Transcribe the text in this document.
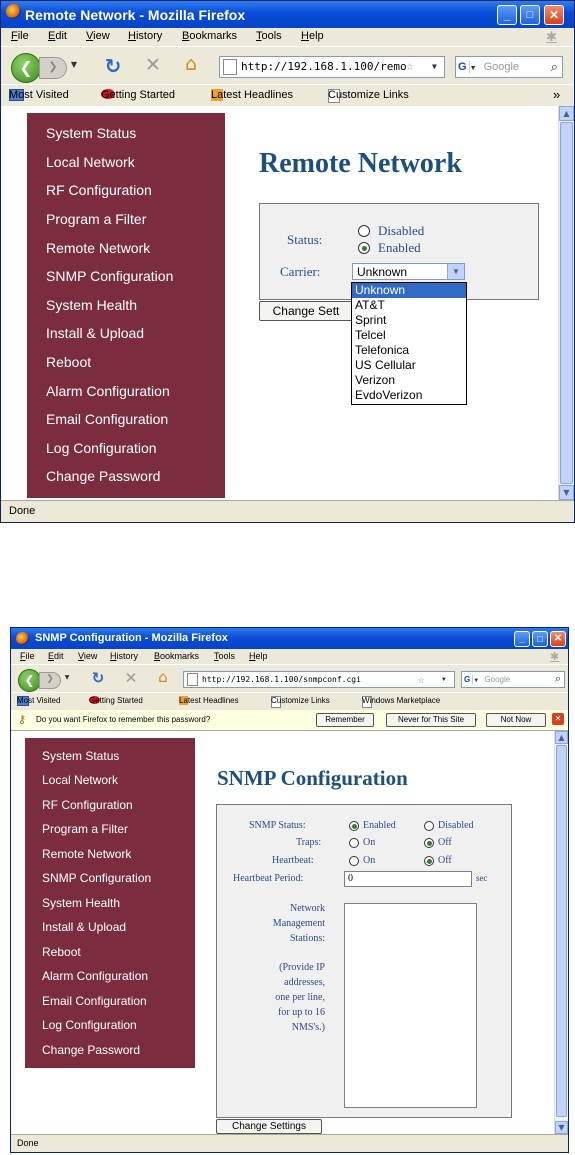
Remote Network - Mozilla Firefox	_	□	✕
File Edit View History Bookmarks Tools Help	✱
❮	❯	▼ ↻ ✕	⌂	http://192.168.1.100/remo ☆ ▼ G ▼ Google ⌕
Most Visited	Getting Started	Latest Headlines	Customize Links	»
System Status
Local Network
RF Configuration
Program a Filter
Remote Network
SNMP Configuration
System Health
Install & Upload
Reboot
Alarm Configuration
Email Configuration
Log Configuration
Change Password
Remote Network
Status:
Disabled
Enabled
Carrier:	Unknown	▼
Change Sett
Unknown
AT&T
Sprint
Telcel
Telefonica
US Cellular
Verizon
EvdoVerizon
▲
▼
Done
SNMP Configuration - Mozilla Firefox	_	□	✕
File Edit View History Bookmarks Tools Help	✱
❮	❯	▼ ↻ ✕	⌂	http://192.168.1.100/snmpconf.cgi	☆	▼	G ▼ Google	⌕
Most Visited	Getting Started	Latest Headlines	Customize Links	Windows Marketplace
⚷ Do you want Firefox to remember this password?	Remember	Never for This Site	Not Now	✕
System Status
Local Network
RF Configuration
Program a Filter
Remote Network
SNMP Configuration
System Health
Install & Upload
Reboot
Alarm Configuration
Email Configuration
Log Configuration
Change Password
SNMP Configuration
SNMP Status:	Enabled	Disabled
Traps:	On	Off
Heartbeat:	On	Off
Heartbeat Period:	0	sec
Network
Management
Stations:
(Provide IP
addresses,
one per line,
for up to 16
NMS's.)
Change Settings
▲
▼
Done
